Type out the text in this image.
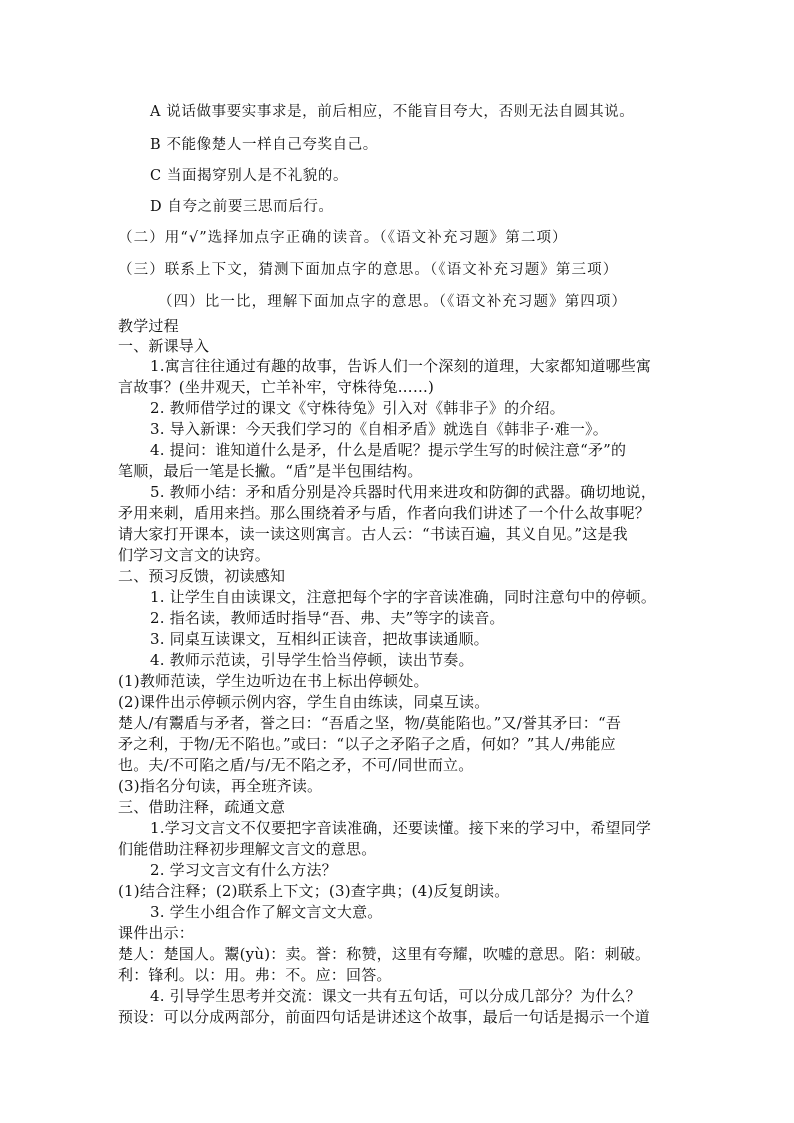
A 说话做事要实事求是，前后相应，不能盲目夸大，否则无法自圆其说。
B 不能像楚人一样自己夸奖自己。
C 当面揭穿别人是不礼貌的。
D 自夸之前要三思而后行。
（二）用“√”选择加点字正确的读音。（《语文补充习题》第二项）
（三）联系上下文，猜测下面加点字的意思。（《语文补充习题》第三项）
（四）比一比，理解下面加点字的意思。（《语文补充习题》第四项）
教学过程
一、新课导入
1.寓言往往通过有趣的故事，告诉人们一个深刻的道理，大家都知道哪些寓
言故事？(坐井观天，亡羊补牢，守株待兔……)
2. 教师借学过的课文《守株待兔》引入对《韩非子》的介绍。
3. 导入新课：今天我们学习的《自相矛盾》就选自《韩非子·难一》。
4. 提问：谁知道什么是矛，什么是盾呢？提示学生写的时候注意“矛”的
笔顺，最后一笔是长撇。“盾”是半包围结构。
5. 教师小结：矛和盾分别是冷兵器时代用来进攻和防御的武器。确切地说，
矛用来刺，盾用来挡。那么围绕着矛与盾，作者向我们讲述了一个什么故事呢？
请大家打开课本，读一读这则寓言。古人云：“书读百遍，其义自见。”这是我
们学习文言文的诀窍。
二、预习反馈，初读感知
1. 让学生自由读课文，注意把每个字的字音读准确，同时注意句中的停顿。
2. 指名读，教师适时指导“吾、弗、夫”等字的读音。
3. 同桌互读课文，互相纠正读音，把故事读通顺。
4. 教师示范读，引导学生恰当停顿，读出节奏。
(1)教师范读，学生边听边在书上标出停顿处。
(2)课件出示停顿示例内容，学生自由练读，同桌互读。
楚人/有鬻盾与矛者，誉之曰：“吾盾之坚，物/莫能陷也。”又/誉其矛曰：“吾
矛之利，于物/无不陷也。”或曰：“以子之矛陷子之盾，何如？”其人/弗能应
也。夫/不可陷之盾/与/无不陷之矛，不可/同世而立。
(3)指名分句读，再全班齐读。
三、借助注释，疏通文意
1.学习文言文不仅要把字音读准确，还要读懂。接下来的学习中，希望同学
们能借助注释初步理解文言文的意思。
2. 学习文言文有什么方法？
(1)结合注释；(2)联系上下文；(3)查字典；(4)反复朗读。
3. 学生小组合作了解文言文大意。
课件出示：
楚人：楚国人。鬻(yù)：卖。誉：称赞，这里有夸耀，吹嘘的意思。陷：刺破。
利：锋利。以：用。弗：不。应：回答。
4. 引导学生思考并交流：课文一共有五句话，可以分成几部分？为什么？
预设：可以分成两部分，前面四句话是讲述这个故事，最后一句话是揭示一个道
